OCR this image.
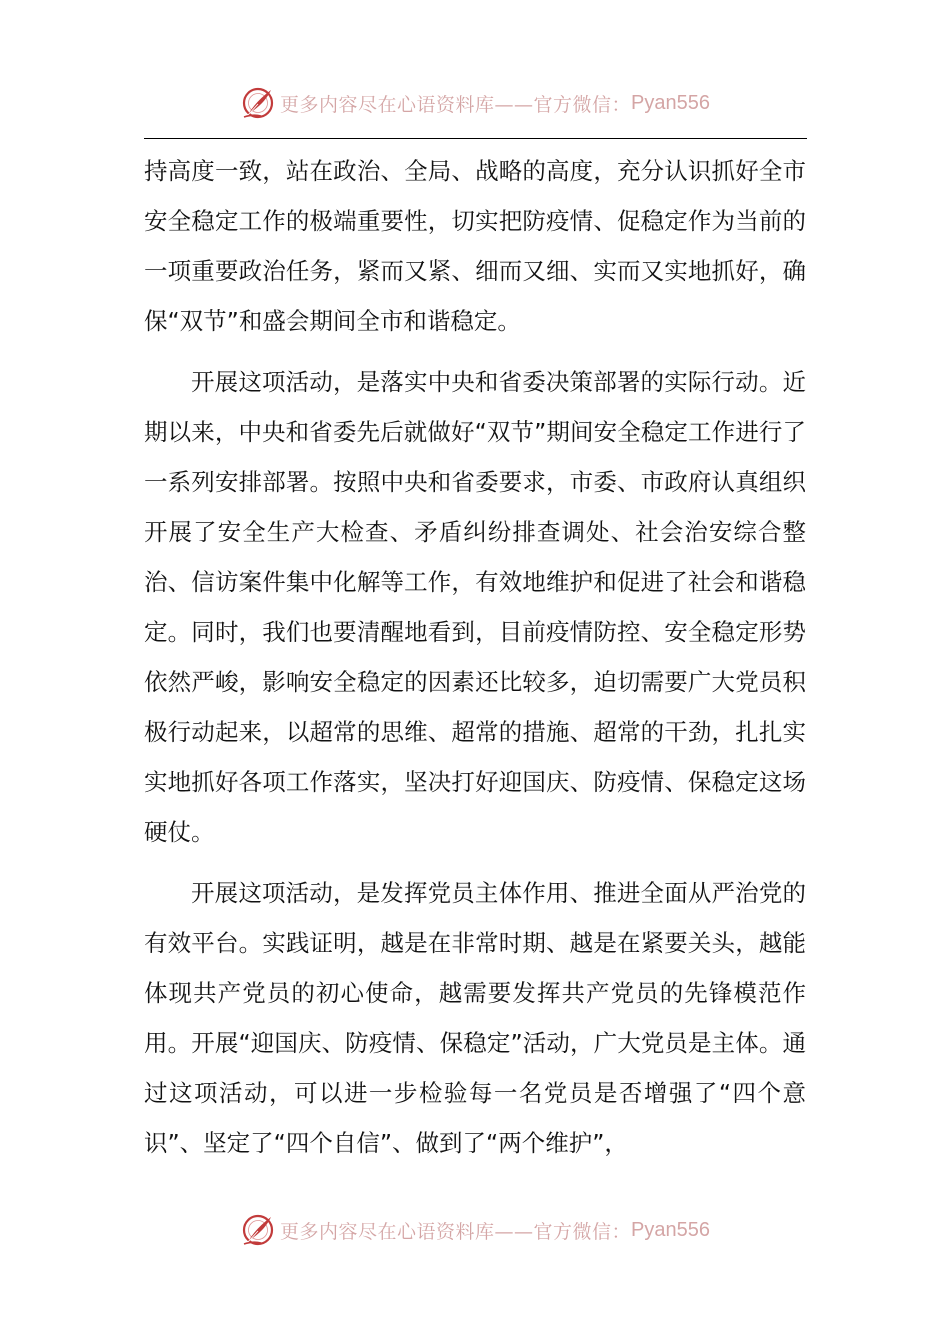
更多内容尽在心语资料库——官方微信： Pyan556

持高度一致，站在政治、全局、战略的高度，充分认识抓好全市安全稳定工作的极端重要性，切实把防疫情、促稳定作为当前的一项重要政治任务，紧而又紧、细而又细、实而又实地抓好，确保“双节”和盛会期间全市和谐稳定。

开展这项活动，是落实中央和省委决策部署的实际行动。近期以来，中央和省委先后就做好“双节”期间安全稳定工作进行了一系列安排部署。按照中央和省委要求，市委、市政府认真组织开展了安全生产大检查、矛盾纠纷排查调处、社会治安综合整治、信访案件集中化解等工作，有效地维护和促进了社会和谐稳定。同时，我们也要清醒地看到，目前疫情防控、安全稳定形势依然严峻，影响安全稳定的因素还比较多，迫切需要广大党员积极行动起来，以超常的思维、超常的措施、超常的干劲，扎扎实实地抓好各项工作落实，坚决打好迎国庆、防疫情、保稳定这场硬仗。

开展这项活动，是发挥党员主体作用、推进全面从严治党的有效平台。实践证明，越是在非常时期、越是在紧要关头，越能体现共产党员的初心使命，越需要发挥共产党员的先锋模范作用。开展“迎国庆、防疫情、保稳定”活动，广大党员是主体。通过这项活动，可以进一步检验每一名党员是否增强了“四个意识”、坚定了“四个自信”、做到了“两个维护”，

更多内容尽在心语资料库——官方微信： Pyan556
